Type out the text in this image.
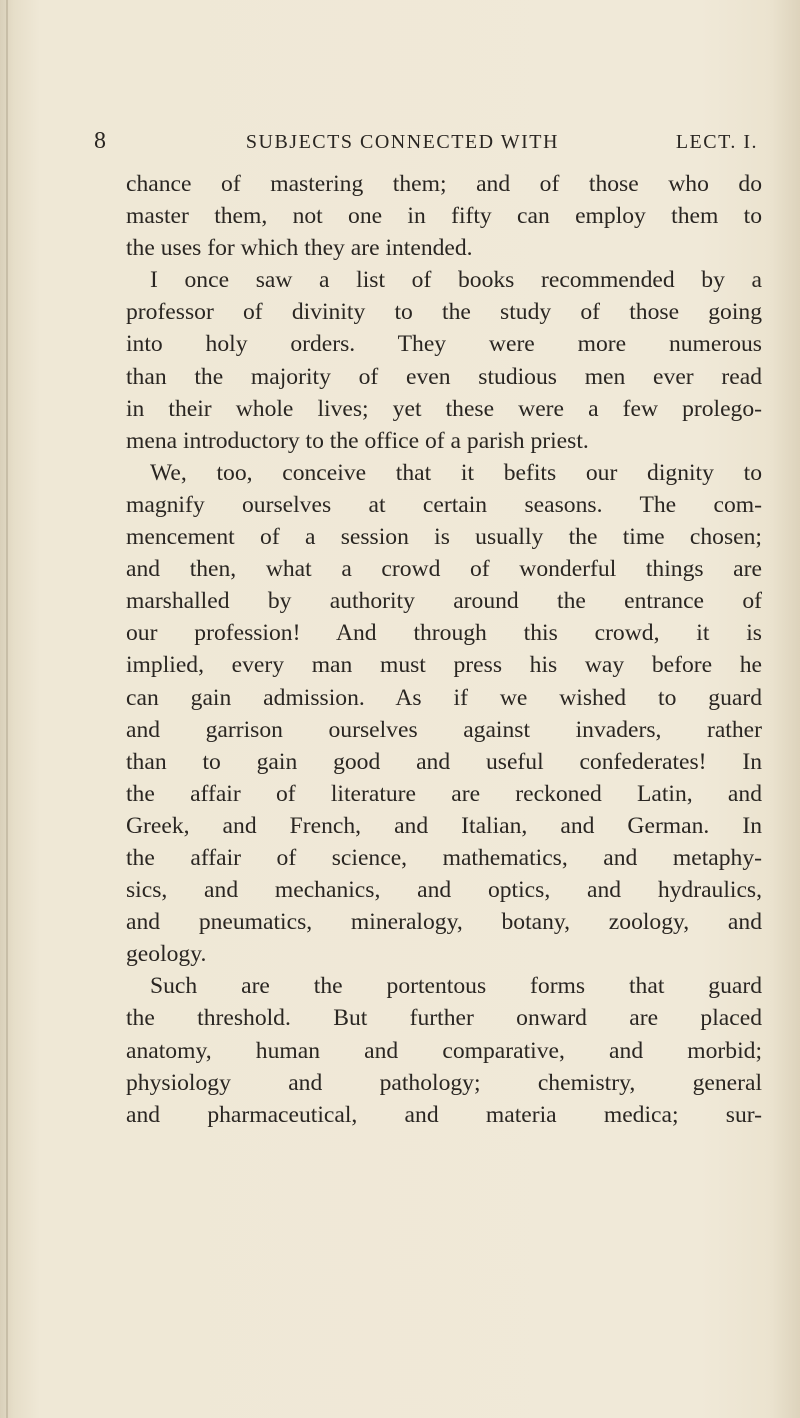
8	SUBJECTS CONNECTED WITH	LECT. I.
chance of mastering them; and of those who do
master them, not one in fifty can employ them to
the uses for which they are intended.
I once saw a list of books recommended by a
professor of divinity to the study of those going
into holy orders. They were more numerous
than the majority of even studious men ever read
in their whole lives; yet these were a few prolego-
mena introductory to the office of a parish priest.
We, too, conceive that it befits our dignity to
magnify ourselves at certain seasons. The com-
mencement of a session is usually the time chosen;
and then, what a crowd of wonderful things are
marshalled by authority around the entrance of
our profession! And through this crowd, it is
implied, every man must press his way before he
can gain admission. As if we wished to guard
and garrison ourselves against invaders, rather
than to gain good and useful confederates! In
the affair of literature are reckoned Latin, and
Greek, and French, and Italian, and German. In
the affair of science, mathematics, and metaphy-
sics, and mechanics, and optics, and hydraulics,
and pneumatics, mineralogy, botany, zoology, and
geology.
Such are the portentous forms that guard
the threshold. But further onward are placed
anatomy, human and comparative, and morbid;
physiology and pathology; chemistry, general
and pharmaceutical, and materia medica; sur-
